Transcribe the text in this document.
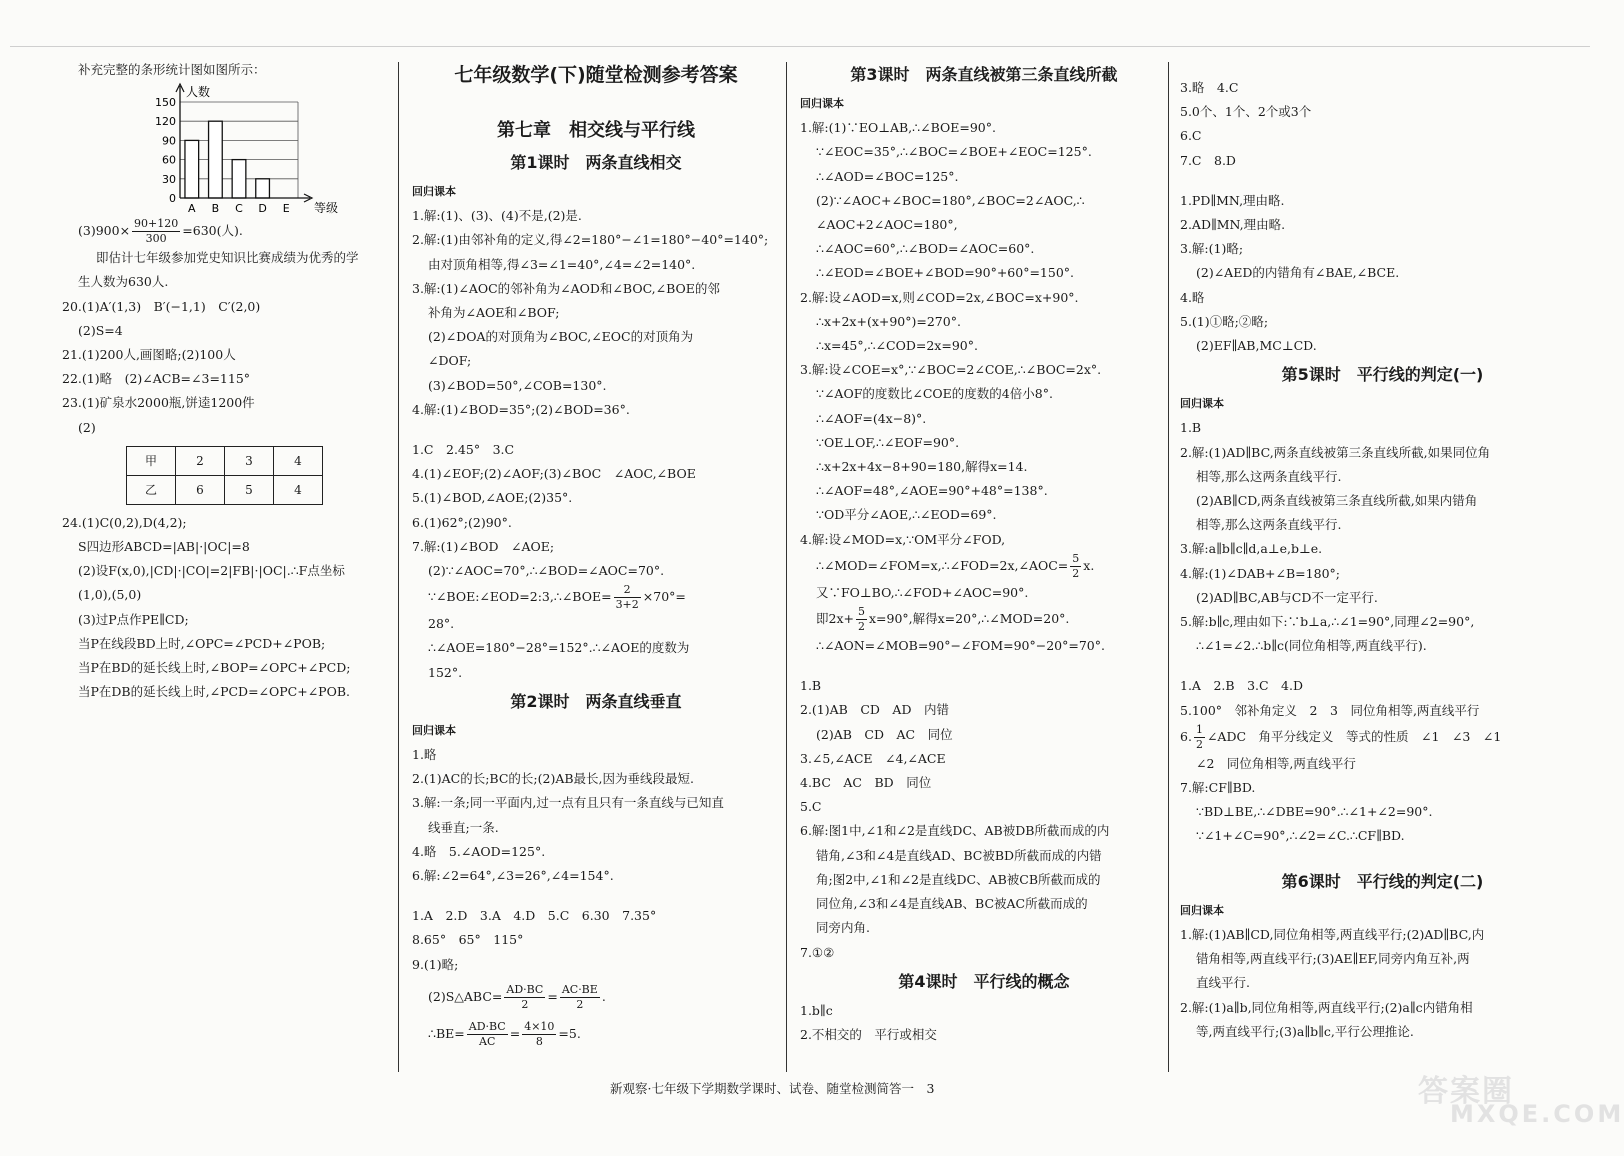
补充完整的条形统计图如图所示：
A B C D E
0
30
60
90
120
150
人数
等级
$(3)900\times \frac{90+120}{300} =630$(人).
即估计七年级参加党史知识比赛成绩为优秀的学
生人数为630人.
20.(1)A′(1,3)　B′(−1,1)　C′(2,0)
(2)S=4
21.(1)200人,画图略;(2)100人
22.(1)略　(2)∠ACB=∠3=115°
23.(1)矿泉水2000瓶,饼逵1200件
(2)
甲	2	3	4
乙	6	5	4
24.(1)C(0,2),D(4,2);
S四边形ABCD=|AB|·|OC|=8
(2)设F(x,0),|CD|·|CO|=2|FB|·|OC|.∴F点坐标
(1,0),(5,0)
(3)过P点作PE∥CD;
当P在线段BD上时,∠OPC=∠PCD+∠POB;
当P在BD的延长线上时,∠BOP=∠OPC+∠PCD;
当P在DB的延长线上时,∠PCD=∠OPC+∠POB.
七年级数学(下)随堂检测参考答案
第七章　相交线与平行线
第1课时　两条直线相交
回归课本
1.解:(1)、(3)、(4)不是,(2)是.
2.解:(1)由邻补角的定义,得∠2=180°−∠1=180°−40°=140°;
由对顶角相等,得∠3=∠1=40°,∠4=∠2=140°.
3.解:(1)∠AOC的邻补角为∠AOD和∠BOC,∠BOE的邻
补角为∠AOE和∠BOF;
(2)∠DOA的对顶角为∠BOC,∠EOC的对顶角为
∠DOF;
(3)∠BOD=50°,∠COB=130°.
4.解:(1)∠BOD=35°;(2)∠BOD=36°.
1.C　2.45°　3.C
4.(1)∠EOF;(2)∠AOF;(3)∠BOC　∠AOC,∠BOE
5.(1)∠BOD,∠AOE;(2)35°.
6.(1)62°;(2)90°.
7.解:(1)∠BOD　∠AOE;
(2)∵∠AOC=70°,∴∠BOD=∠AOC=70°.
∵∠BOE:∠EOD=2:3,∴∠BOE= $\frac{2}{3+2} \times 70^\circ=$
28°.
∴∠AOE=180°−28°=152°.∴∠AOE的度数为
152°.
第2课时　两条直线垂直
回归课本
1.略
2.(1)AC的长;BC的长;(2)AB最长,因为垂线段最短.
3.解:一条;同一平面内,过一点有且只有一条直线与已知直
线垂直;一条.
4.略　5.∠AOD=125°.
6.解:∠2=64°,∠3=26°,∠4=154°.
1.A　2.D　3.A　4.D　5.C　6.30　7.35°
8.65°　65°　115°
9.(1)略;
(2)S△ABC= $\frac{AD\cdot BC}{2} = \frac{AC\cdot BE}{2}$ .
∴BE= $\frac{AD\cdot BC}{AC} = \frac{4\times 10}{8} =5$.
第3课时　两条直线被第三条直线所截
回归课本
1.解:(1)∵EO⊥AB,∴∠BOE=90°.
∵∠EOC=35°,∴∠BOC=∠BOE+∠EOC=125°.
∴∠AOD=∠BOC=125°.
(2)∵∠AOC+∠BOC=180°,∠BOC=2∠AOC,∴
∠AOC+2∠AOC=180°,
∴∠AOC=60°,∴∠BOD=∠AOC=60°.
∴∠EOD=∠BOE+∠BOD=90°+60°=150°.
2.解:设∠AOD=x,则∠COD=2x,∠BOC=x+90°.
∴x+2x+(x+90°)=270°.
∴x=45°,∴∠COD=2x=90°.
3.解:设∠COE=x°,∵∠BOC=2∠COE,∴∠BOC=2x°.
∵∠AOF的度数比∠COE的度数的4倍小8°.
∴∠AOF=(4x−8)°.
∵OE⊥OF,∴∠EOF=90°.
∴x+2x+4x−8+90=180,解得x=14.
∴∠AOF=48°,∠AOE=90°+48°=138°.
∵OD平分∠AOE,∴∠EOD=69°.
4.解:设∠MOD=x,∵OM平分∠FOD,
∴∠MOD=∠FOM=x,∴∠FOD=2x,∠AOC= $\frac{5}{2} x$.
又∵FO⊥BO,∴∠FOD+∠AOC=90°.
即$2x+ \frac{5}{2} x=90^\circ$,解得x=20°,∴∠MOD=20°.
∴∠AON=∠MOB=90°−∠FOM=90°−20°=70°.
1.B
2.(1)AB　CD　AD　内错
(2)AB　CD　AC　同位
3.∠5,∠ACE　∠4,∠ACE
4.BC　AC　BD　同位
5.C
6.解:图1中,∠1和∠2是直线DC、AB被DB所截而成的内
错角,∠3和∠4是直线AD、BC被BD所截而成的内错
角;图2中,∠1和∠2是直线DC、AB被CB所截而成的
同位角,∠3和∠4是直线AB、BC被AC所截而成的
同旁内角.
7.①②
第4课时　平行线的概念
1.b∥c
2.不相交的　平行或相交
3.略　4.C
5.0个、1个、2个或3个
6.C
7.C　8.D
1.PD∥MN,理由略.
2.AD∥MN,理由略.
3.解:(1)略;
(2)∠AED的内错角有∠BAE,∠BCE.
4.略
5.(1)①略;②略;
(2)EF∥AB,MC⊥CD.
第5课时　平行线的判定(一)
回归课本
1.B
2.解:(1)AD∥BC,两条直线被第三条直线所截,如果同位角
相等,那么这两条直线平行.
(2)AB∥CD,两条直线被第三条直线所截,如果内错角
相等,那么这两条直线平行.
3.解:a∥b∥c∥d,a⊥e,b⊥e.
4.解:(1)∠DAB+∠B=180°;
(2)AD∥BC,AB与CD不一定平行.
5.解:b∥c,理由如下:∵b⊥a,∴∠1=90°,同理∠2=90°,
∴∠1=∠2.∴b∥c(同位角相等,两直线平行).
1.A　2.B　3.C　4.D
5.100°　邻补角定义　2　3　同位角相等,两直线平行
6. $\frac{1}{2}$ ∠ADC　角平分线定义　等式的性质　∠1　∠3　∠1
∠2　同位角相等,两直线平行
7.解:CF∥BD.
∵BD⊥BE,∴∠DBE=90°.∴∠1+∠2=90°.
∵∠1+∠C=90°,∴∠2=∠C.∴CF∥BD.
第6课时　平行线的判定(二)
回归课本
1.解:(1)AB∥CD,同位角相等,两直线平行;(2)AD∥BC,内
错角相等,两直线平行;(3)AE∥EF,同旁内角互补,两
直线平行.
2.解:(1)a∥b,同位角相等,两直线平行;(2)a∥c内错角相
等,两直线平行;(3)a∥b∥c,平行公理推论.
新观察·七年级下学期数学课时、试卷、随堂检测简答一　3	答案圈
MXQE.COM
